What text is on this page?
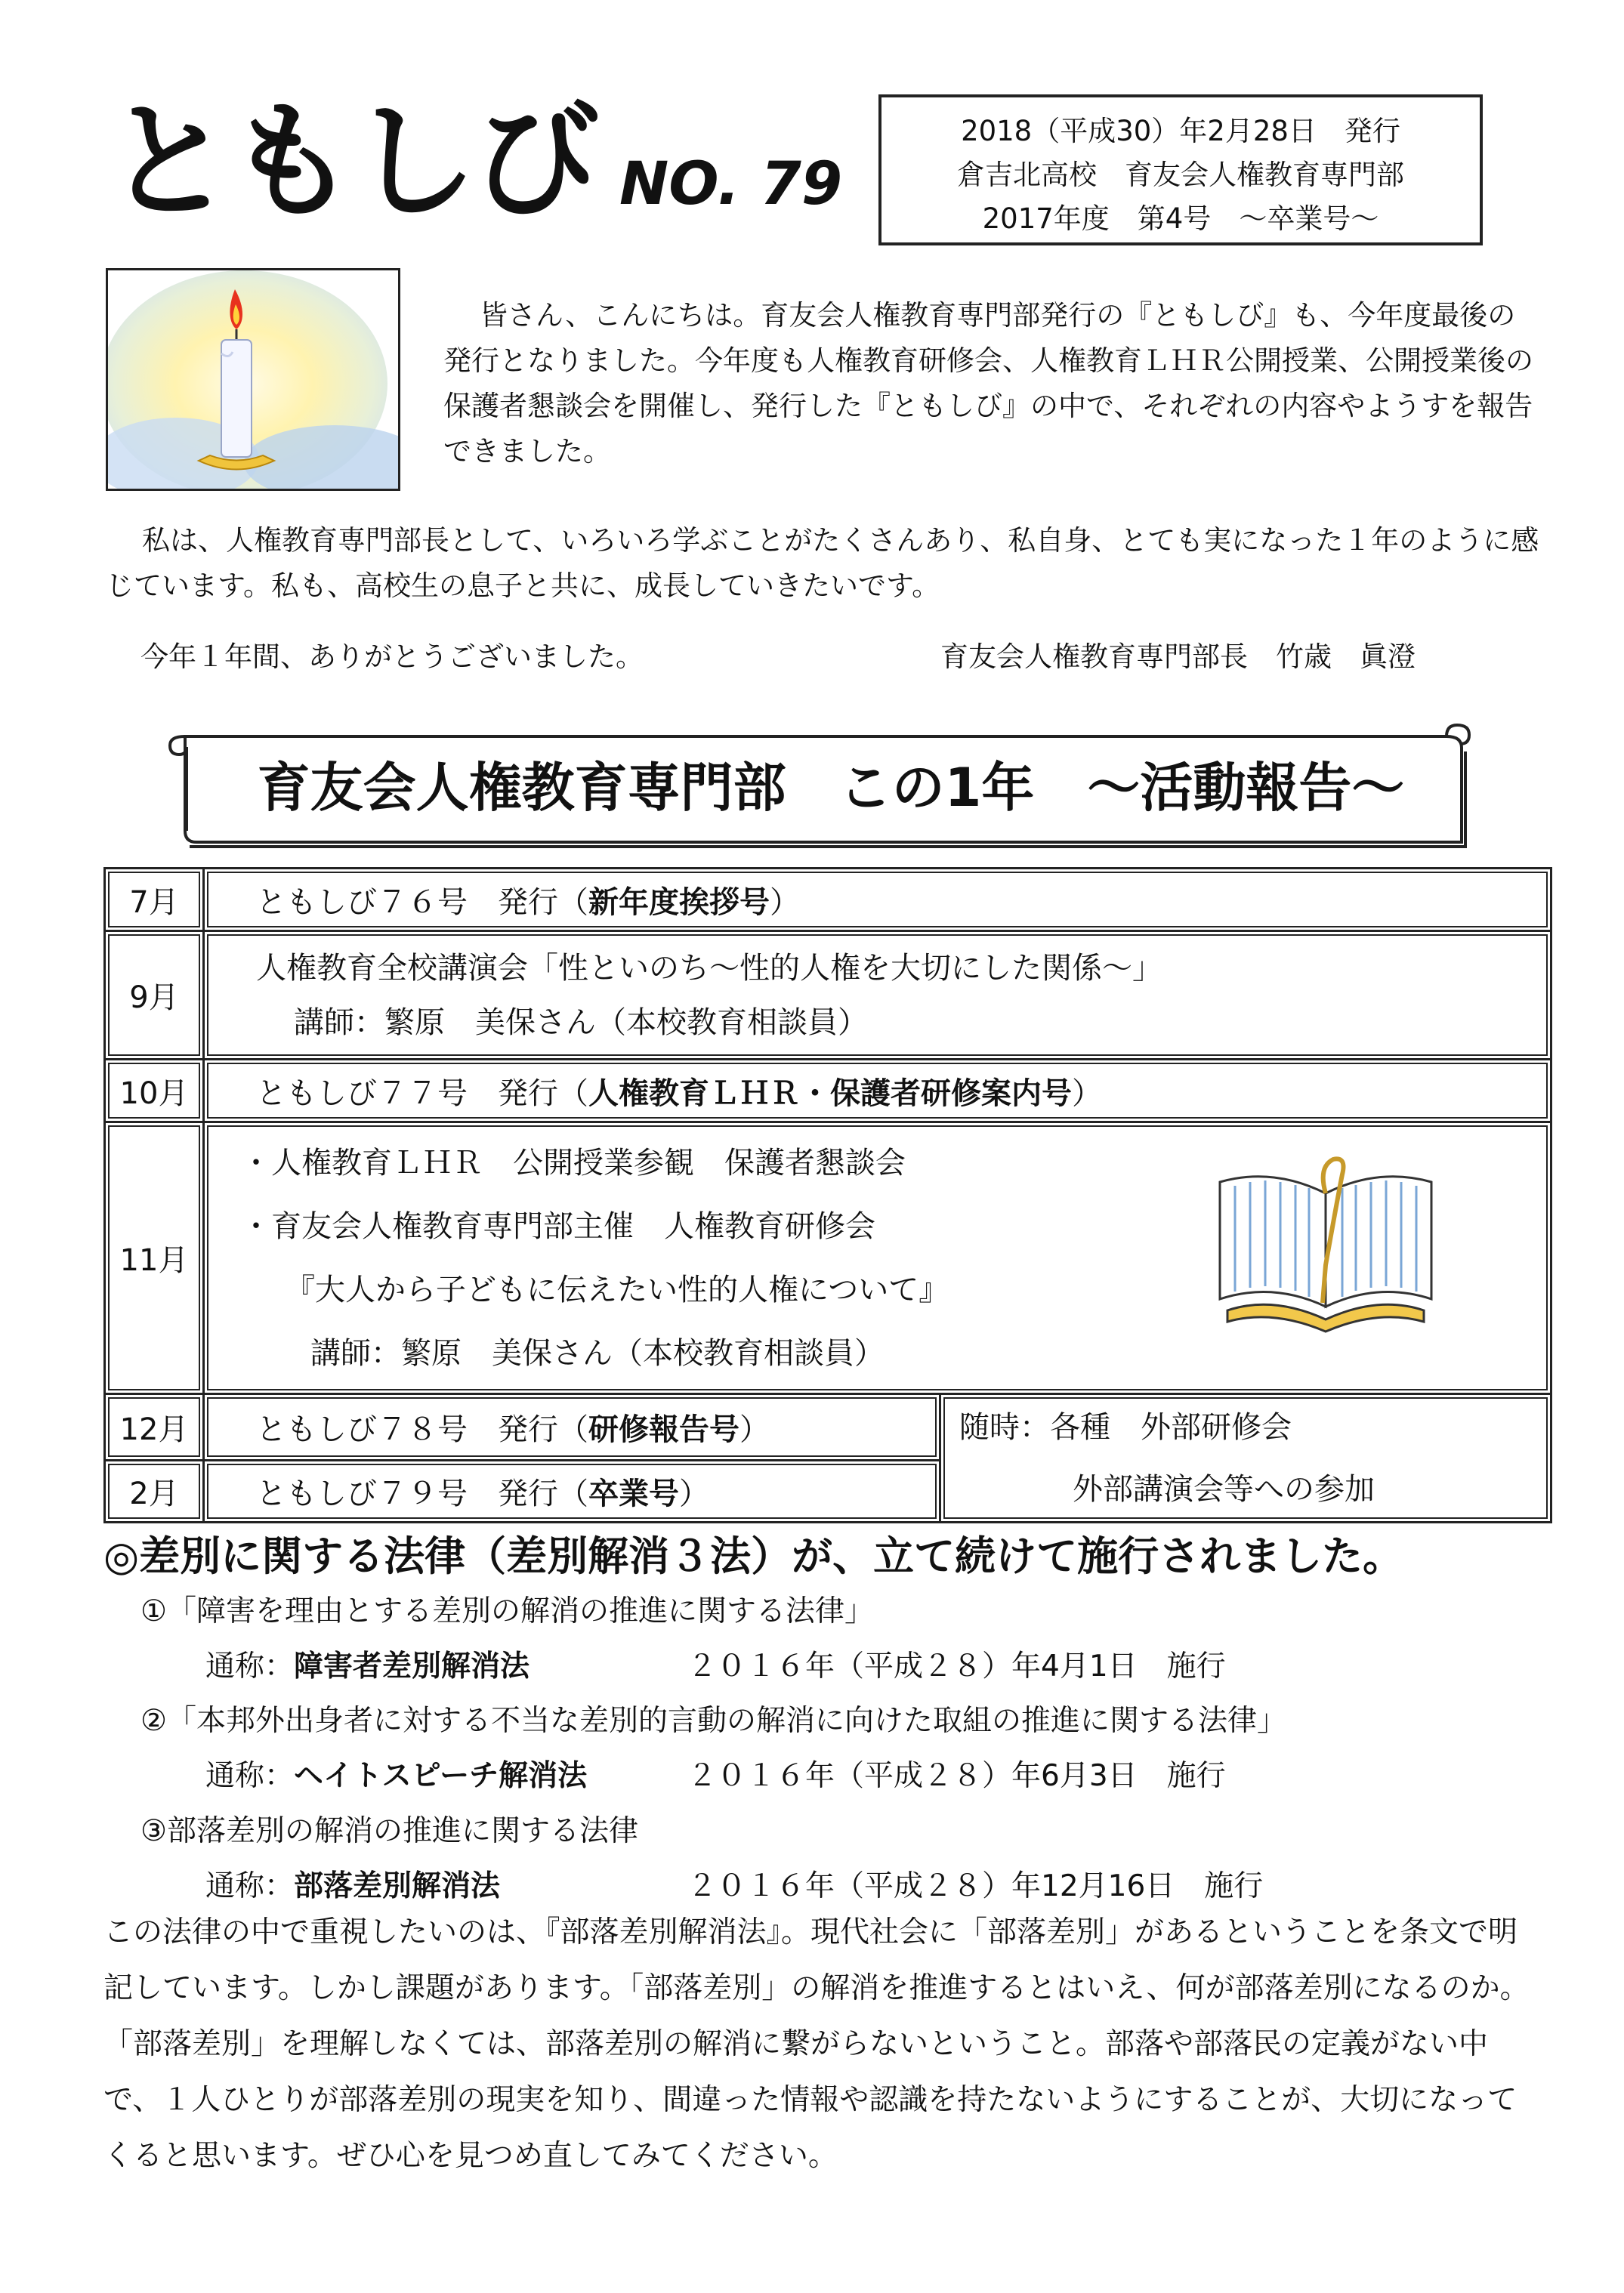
ともしび NO. 79
2018（平成30）年2月28日　発行
倉吉北高校　育友会人権教育専門部
2017年度　第4号　～卒業号～
皆さん、こんにちは。育友会人権教育専門部発行の『ともしび』も、今年度最後の発行となりました。今年度も人権教育研修会、人権教育ＬＨＲ公開授業、公開授業後の保護者懇談会を開催し、発行した『ともしび』の中で、それぞれの内容やようすを報告できました。
私は、人権教育専門部長として、いろいろ学ぶことがたくさんあり、私自身、とても実になった１年のように感じています。私も、高校生の息子と共に、成長していきたいです。
今年１年間、ありがとうございました。	育友会人権教育専門部長　竹歳　眞澄
育友会人権教育専門部　この1年　～活動報告～
7月	ともしび７６号　発行（新年度挨拶号）	
9月	人権教育全校講演会「性といのち～性的人権を大切にした関係～」
講師：繁原　美保さん（本校教育相談員）	

10月	ともしび７７号　発行（人権教育ＬＨＲ・保護者研修案内号）	
11月	・人権教育ＬＨＲ　公開授業参観　保護者懇談会
・育友会人権教育専門部主催　人権教育研修会
『大人から子どもに伝えたい性的人権について』
講師：繁原　美保さん（本校教育相談員）	

12月	ともしび７８号　発行（研修報告号）	随時：各種　外部研修会
外部講演会等への参加

2月	ともしび７９号　発行（卒業号）	
◎差別に関する法律（差別解消３法）が、立て続けて施行されました。
①「障害を理由とする差別の解消の推進に関する法律」
通称：障害者差別解消法	２０１６年（平成２８）年4月1日　施行
②「本邦外出身者に対する不当な差別的言動の解消に向けた取組の推進に関する法律」
通称：ヘイトスピーチ解消法	２０１６年（平成２８）年6月3日　施行
③部落差別の解消の推進に関する法律
通称：部落差別解消法	２０１６年（平成２８）年12月16日　施行
この法律の中で重視したいのは、『部落差別解消法』。現代社会に「部落差別」があるということを条文で明記しています。しかし課題があります。「部落差別」の解消を推進するとはいえ、何が部落差別になるのか。「部落差別」を理解しなくては、部落差別の解消に繋がらないということ。部落や部落民の定義がない中で、１人ひとりが部落差別の現実を知り、間違った情報や認識を持たないようにすることが、大切になってくると思います。ぜひ心を見つめ直してみてください。
